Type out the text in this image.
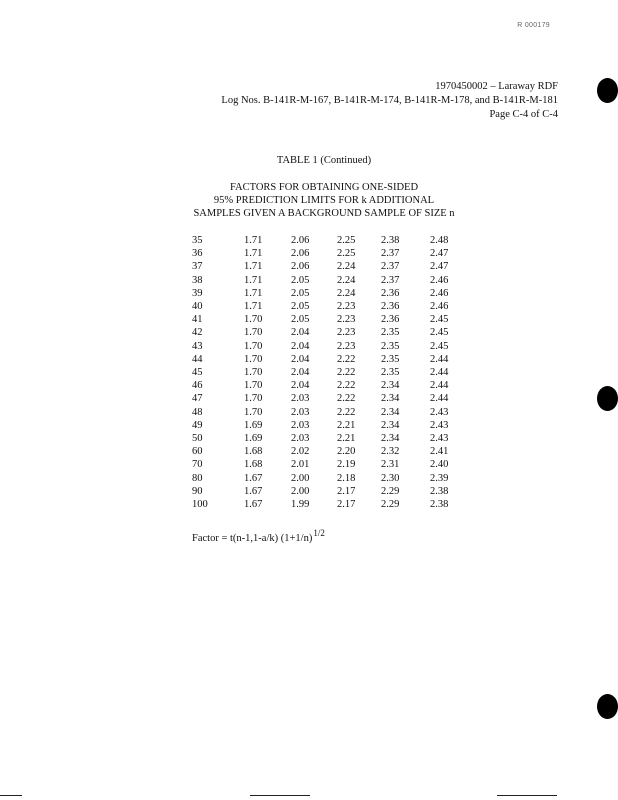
R 000179
1970450002 – Laraway RDF
Log Nos. B-141R-M-167, B-141R-M-174, B-141R-M-178, and B-141R-M-181
Page C-4 of C-4
TABLE 1 (Continued)
FACTORS FOR OBTAINING ONE-SIDED
95% PREDICTION LIMITS FOR k ADDITIONAL
SAMPLES GIVEN A BACKGROUND SAMPLE OF SIZE n
35	1.71	2.06	2.25	2.38	2.48
36	1.71	2.06	2.25	2.37	2.47
37	1.71	2.06	2.24	2.37	2.47
38	1.71	2.05	2.24	2.37	2.46
39	1.71	2.05	2.24	2.36	2.46
40	1.71	2.05	2.23	2.36	2.46
41	1.70	2.05	2.23	2.36	2.45
42	1.70	2.04	2.23	2.35	2.45
43	1.70	2.04	2.23	2.35	2.45
44	1.70	2.04	2.22	2.35	2.44
45	1.70	2.04	2.22	2.35	2.44
46	1.70	2.04	2.22	2.34	2.44
47	1.70	2.03	2.22	2.34	2.44
48	1.70	2.03	2.22	2.34	2.43
49	1.69	2.03	2.21	2.34	2.43
50	1.69	2.03	2.21	2.34	2.43
60	1.68	2.02	2.20	2.32	2.41
70	1.68	2.01	2.19	2.31	2.40
80	1.67	2.00	2.18	2.30	2.39
90	1.67	2.00	2.17	2.29	2.38
100	1.67	1.99	2.17	2.29	2.38
Factor = t(n-1,1-a/k) (1+1/n)1/2
